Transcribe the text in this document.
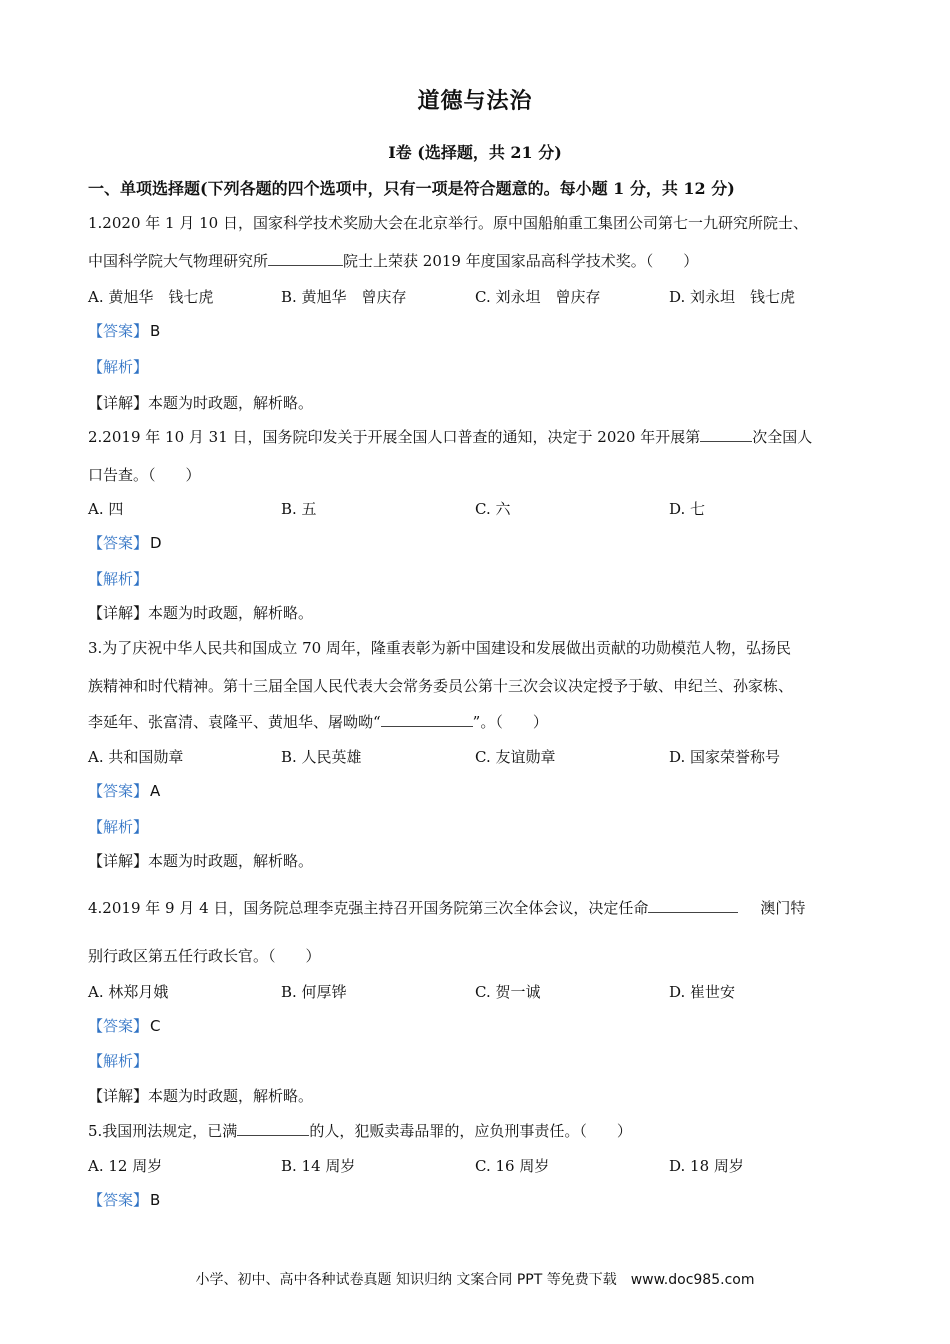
道德与法治
Ⅰ卷 (选择题，共 21 分)
一、单项选择题(下列各题的四个选项中，只有一项是符合题意的。每小题 1 分，共 12 分)
1.2020 年 1 月 10 日，国家科学技术奖励大会在北京举行。原中国船舶重工集团公司第七一九研究所院士、
中国科学院大气物理研究所	院士上荣获 2019 年度国家品高科学技术奖。（　　）
A. 黄旭华　钱七虎	B. 黄旭华　曾庆存	C. 刘永坦　曾庆存	D. 刘永坦　钱七虎
【答案】 B
【解析】
【详解】本题为时政题，解析略。
2.2019 年 10 月 31 日，国务院印发关于开展全国人口普查的通知，决定于 2020 年开展第	次全国人
口告查。（　　）
A. 四	B. 五	C. 六	D. 七
【答案】 D
【解析】
【详解】本题为时政题，解析略。
3.为了庆祝中华人民共和国成立 70 周年，隆重表彰为新中国建设和发展做出贡献的功勋模范人物，弘扬民
族精神和时代精神。第十三届全国人民代表大会常务委员公第十三次会议决定授予于敏、申纪兰、孙家栋、
李延年、张富清、袁隆平、黄旭华、屠呦呦“	”。（　　）
A. 共和国勋章	B. 人民英雄	C. 友谊勋章	D. 国家荣誉称号
【答案】 A
【解析】
【详解】本题为时政题，解析略。
4.2019 年 9 月 4 日，国务院总理李克强主持召开国务院第三次全体会议，决定任命	澳门特
别行政区第五任行政长官。（　　）
A. 林郑月娥	B. 何厚铧	C. 贺一诚	D. 崔世安
【答案】 C
【解析】
【详解】本题为时政题，解析略。
5.我国刑法规定，已满	的人，犯贩卖毒品罪的，应负刑事责任。（　　）
A. 12 周岁	B. 14 周岁	C. 16 周岁	D. 18 周岁
【答案】 B
小学、初中、高中各种试卷真题 知识归纳 文案合同 PPT 等免费下载　www.doc985.com
